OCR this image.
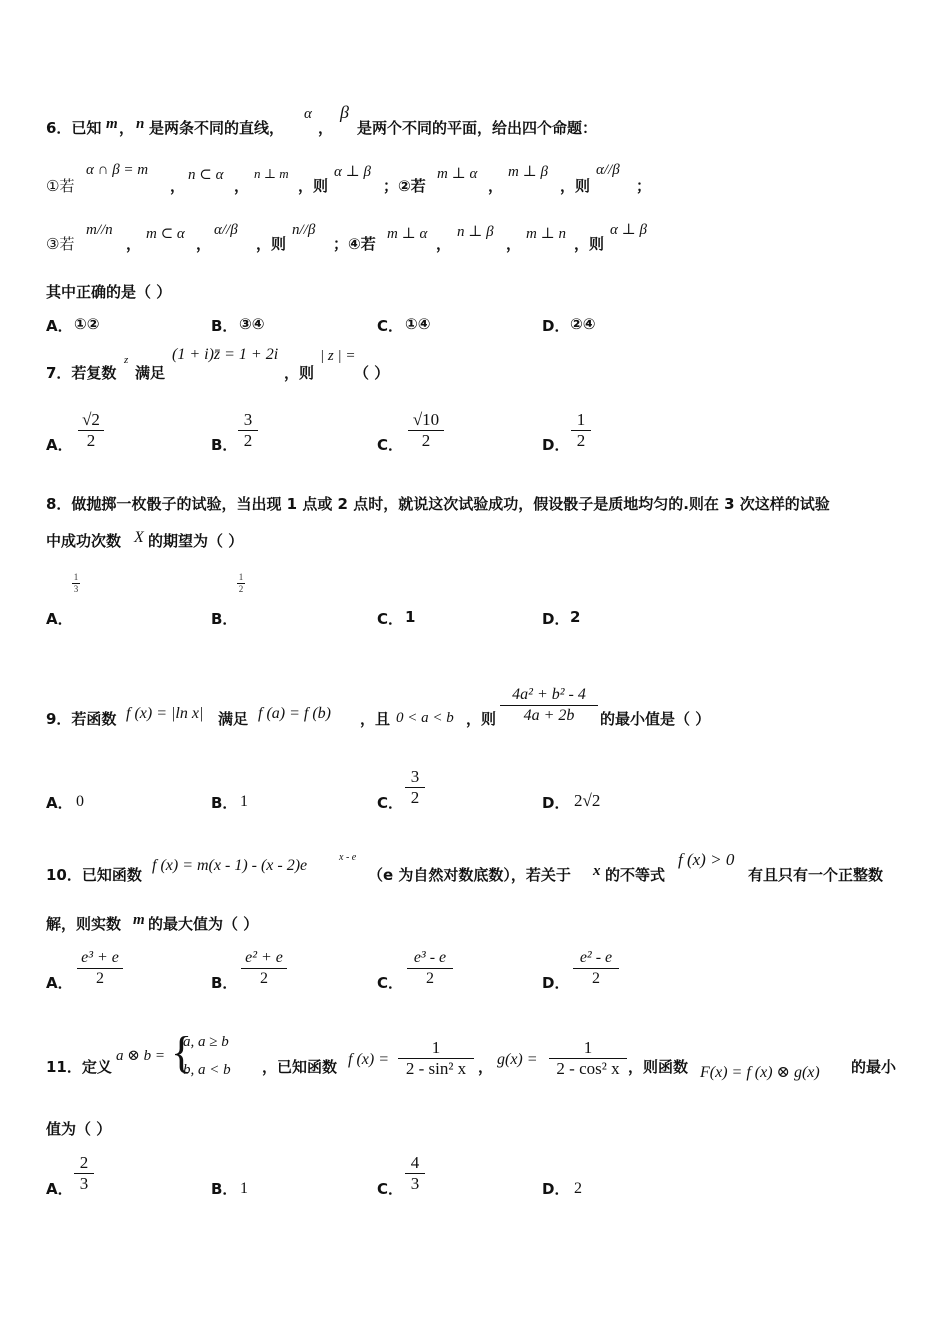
6．已知 m ， n 是两条不同的直线，
α
，
β
是两个不同的平面，给出四个命题：
①若
α ∩ β = m
，
n ⊂ α
，
n ⊥ m
，则
α ⊥ β
；②若
m ⊥ α
，
m ⊥ β
，则
α//β
；
③若
m//n
，
m ⊂ α
，
α//β
，则
n//β
；④若
m ⊥ α
，
n ⊥ β
，
m ⊥ n
，则
α ⊥ β
其中正确的是（ ）
A． ①②	B． ③④	C． ①④	D． ②④
7．若复数
z
满足
(1 + i)z̄ = 1 + 2i
，则
| z | =
（ ）
A． $\frac{√2}{2}$	B． $\frac{3}{2}$	C． $\frac{√10}{2}$	D． $\frac{1}{2}$
8．做抛掷一枚骰子的试验，当出现 1 点或 2 点时，就说这次试验成功，假设骰子是质地均匀的.则在 3 次这样的试验
中成功次数 X 的期望为（ ）
$\frac{1}{3}$
A．
$\frac{1}{2}$
B．	C． 1	D． 2
9．若函数 f (x) = |ln x| 满足 f (a) = f (b) ，且 0 < a < b ，则 $\frac{\text{4a² + b² - 4}}{4a + 2b}$ 的最小值是（ ）
A． 0	B． 1	C． $\frac{3}{2}$	D． 2√2
10．已知函数
f (x) = m(x - 1) - (x - 2)e	x - e
（e 为自然对数底数），若关于 x 的不等式
f (x) > 0
有且只有一个正整数
解，则实数 m 的最大值为（ ）
A． $\frac{\text{e³ + e}}{2}$	B． $\frac{\text{e² + e}}{2}$	C． $\frac{\text{e³ - e}}{2}$	D． $\frac{\text{e² - e}}{2}$
11．定义
a ⊗ b = {
a, a ≥ b
b, a < b ，已知函数 f $(x) = \frac{1}{\text{2 - sin² x}}$ ， $g(x) = \frac{1}{\text{2 - cos² x}}$ ，则函数 F(x) = f (x) ⊗ g(x) 的最小
值为（ ）
A． $\frac{2}{3}$	B． 1	C． $\frac{4}{3}$	D． 2
